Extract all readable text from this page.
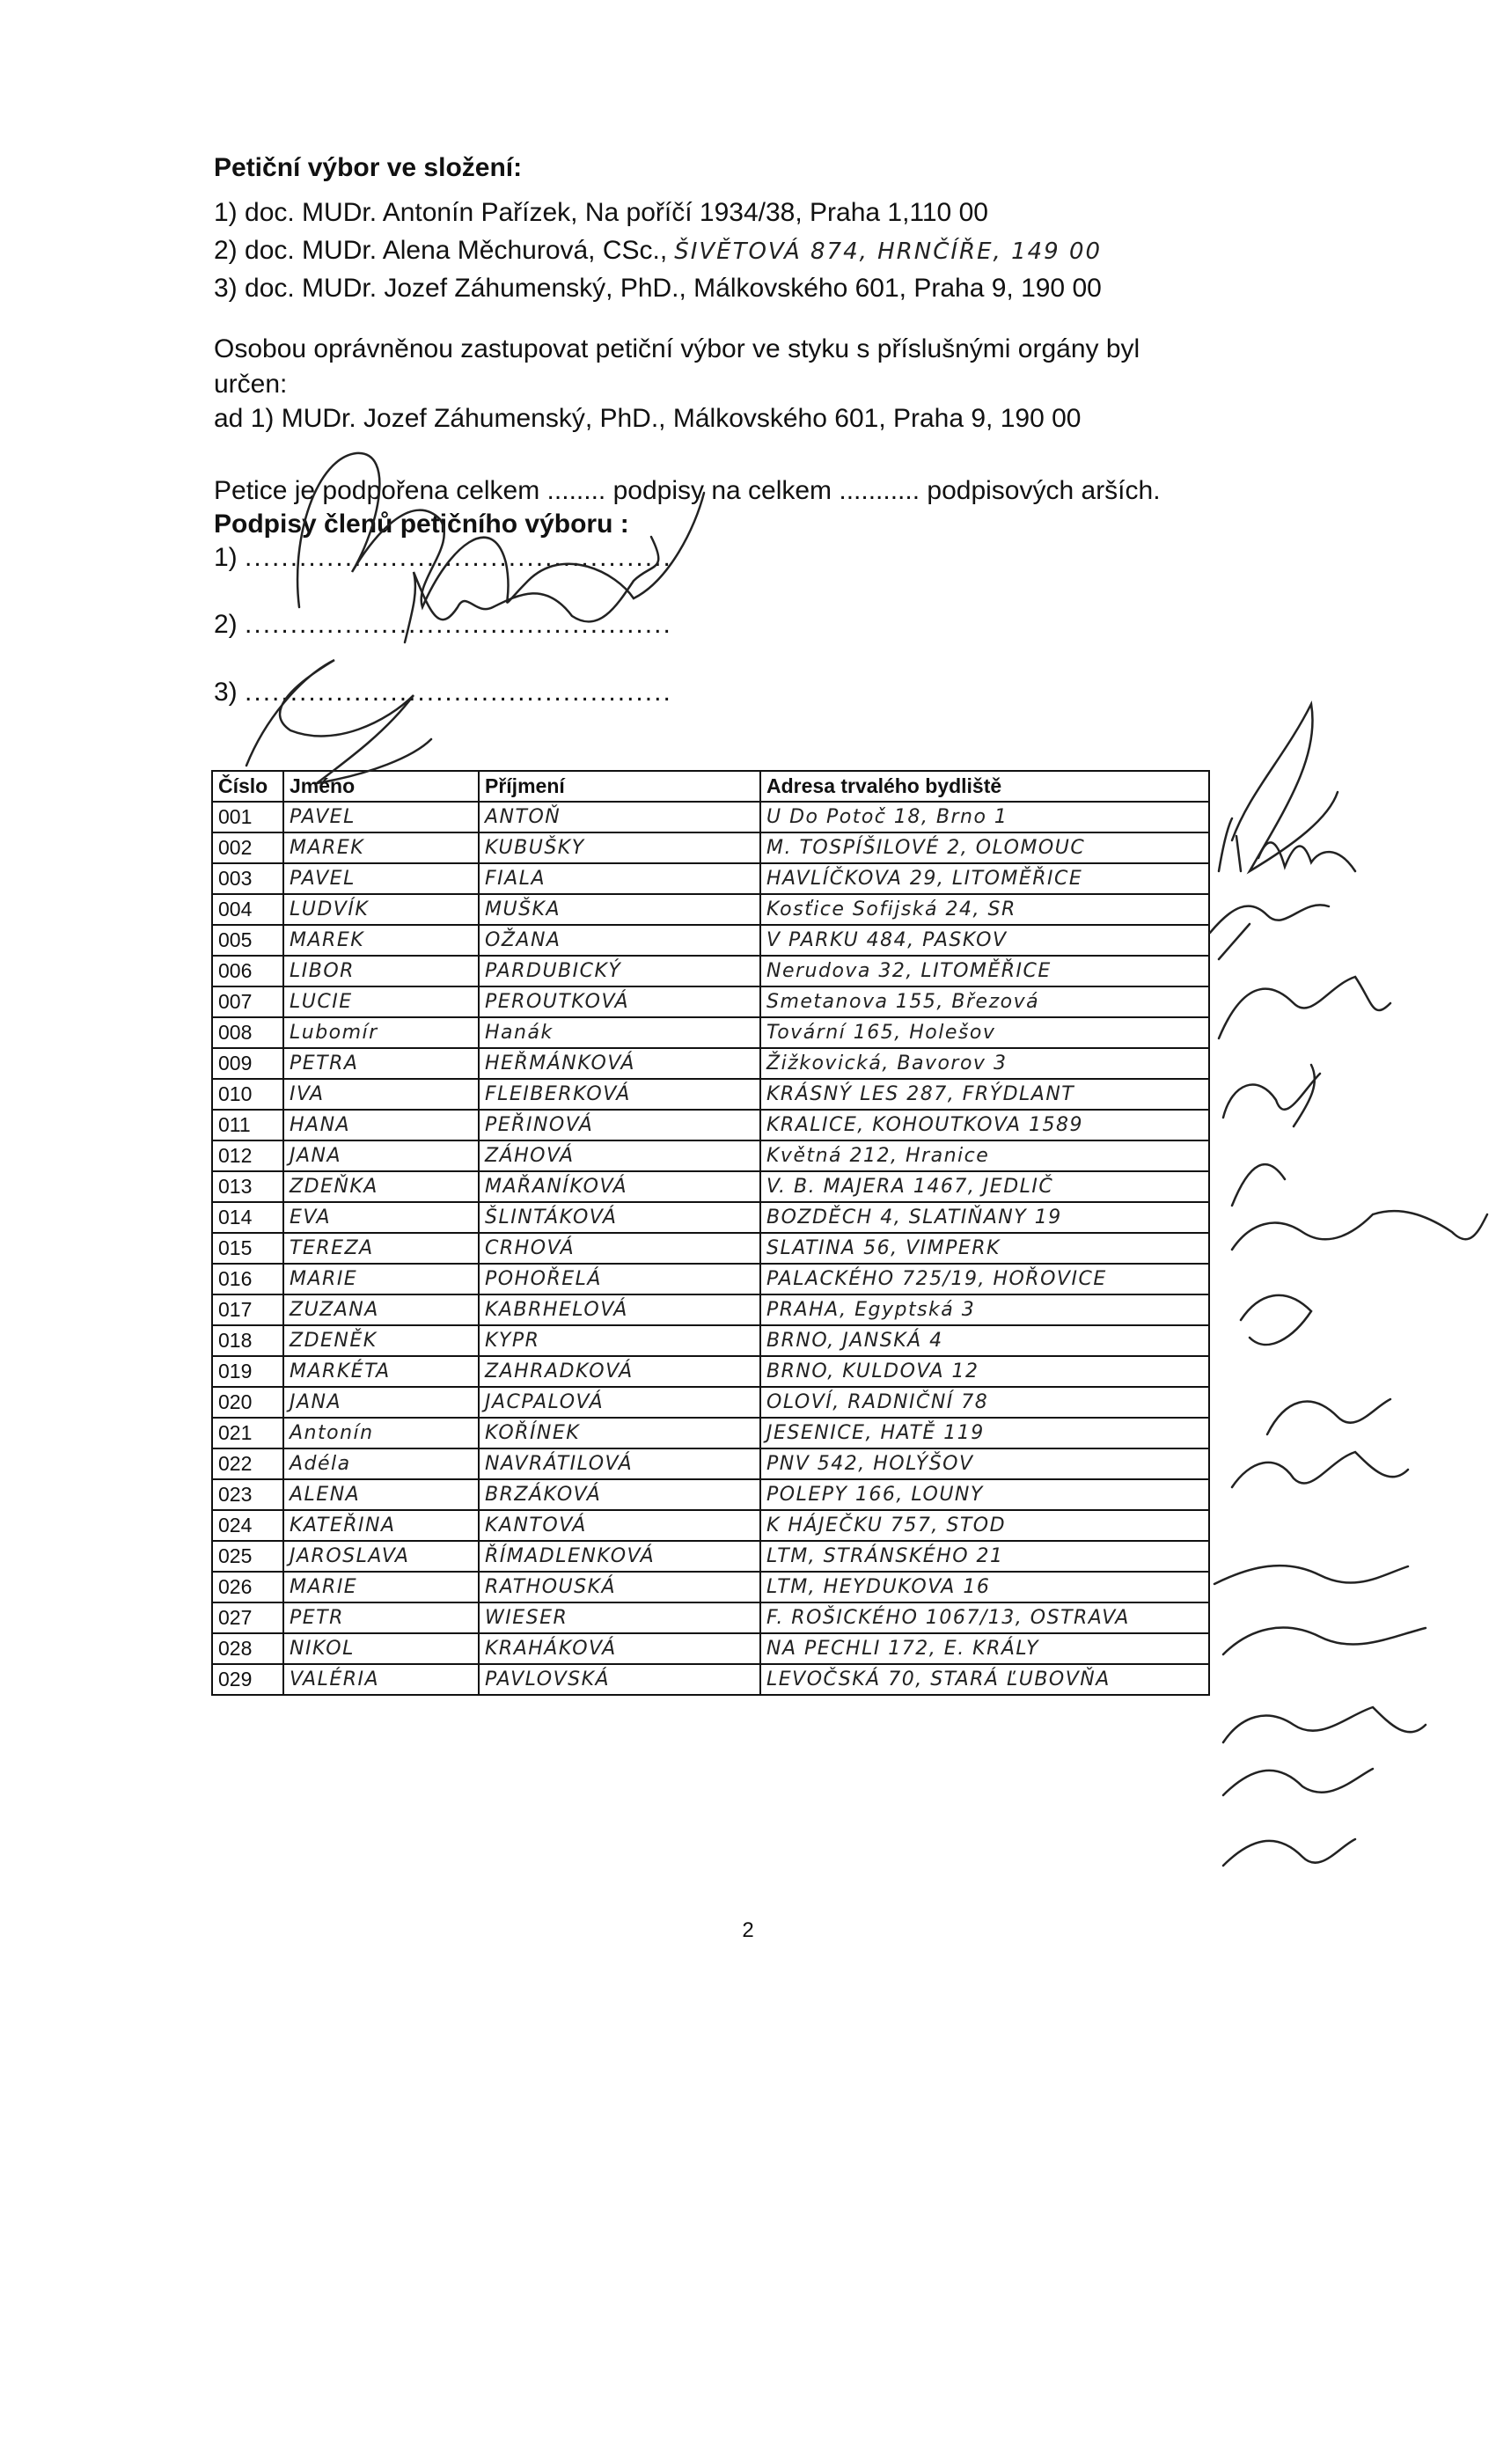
Petiční výbor ve složení:
1) doc. MUDr. Antonín Pařízek, Na poříčí 1934/38, Praha 1,110 00
2) doc. MUDr. Alena Měchurová, CSc., ŠIVĚTOVÁ 874, HRNČÍŘE, 149 00
3) doc. MUDr. Jozef Záhumenský, PhD., Málkovského 601, Praha 9, 190 00
Osobou oprávněnou zastupovat petiční výbor ve styku s příslušnými orgány byl
určen:
ad 1) MUDr. Jozef Záhumenský, PhD., Málkovského 601, Praha 9, 190 00
Petice je podpořena celkem ........ podpisy na celkem ........... podpisových arších.
Podpisy členů petičního výboru :
1) ...............................................
2) ...............................................
3) ...............................................
Číslo	Jméno	Příjmení	Adresa trvalého bydliště
001	PAVEL	ANTOŇ	U Do Potoč 18, Brno 1
002	MAREK	KUBUŠKY	M. TOSPÍŠILOVÉ 2, OLOMOUC
003	PAVEL	FIALA	HAVLÍČKOVA 29, LITOMĚŘICE
004	LUDVÍK	MUŠKA	Kosťice Sofijská 24, SR
005	MAREK	OŽANA	V PARKU 484, PASKOV
006	LIBOR	PARDUBICKÝ	Nerudova 32, LITOMĚŘICE
007	LUCIE	PEROUTKOVÁ	Smetanova 155, Březová
008	Lubomír	Hanák	Tovární 165, Holešov
009	PETRA	HEŘMÁNKOVÁ	Žižkovická, Bavorov 3
010	IVA	FLEIBERKOVÁ	KRÁSNÝ LES 287, FRÝDLANT
011	HANA	PEŘINOVÁ	KRALICE, KOHOUTKOVA 1589
012	JANA	ZÁHOVÁ	Květná 212, Hranice
013	ZDEŇKA	MAŘANÍKOVÁ	V. B. MAJERA 1467, JEDLIČ
014	EVA	ŠLINTÁKOVÁ	BOZDĚCH 4, SLATIŇANY 19
015	TEREZA	CRHOVÁ	SLATINA 56, VIMPERK
016	MARIE	POHOŘELÁ	PALACKÉHO 725/19, HOŘOVICE
017	ZUZANA	KABRHELOVÁ	PRAHA, Egyptská 3
018	ZDENĚK	KYPR	BRNO, JANSKÁ 4
019	MARKÉTA	ZAHRADKOVÁ	BRNO, KULDOVA 12
020	JANA	JACPALOVÁ	OLOVÍ, RADNIČNÍ 78
021	Antonín	KOŘÍNEK	JESENICE, HATĚ 119
022	Adéla	NAVRÁTILOVÁ	PNV 542, HOLÝŠOV
023	ALENA	BRZÁKOVÁ	POLEPY 166, LOUNY
024	KATEŘINA	KANTOVÁ	K HÁJEČKU 757, STOD
025	JAROSLAVA	ŘÍMADLENKOVÁ	LTM, STRÁNSKÉHO 21
026	MARIE	RATHOUSKÁ	LTM, HEYDUKOVA 16
027	PETR	WIESER	F. ROŠICKÉHO 1067/13, OSTRAVA
028	NIKOL	KRAHÁKOVÁ	NA PECHLI 172, E. KRÁLY
029	VALÉRIA	PAVLOVSKÁ	LEVOČSKÁ 70, STARÁ ĽUBOVŇA
2
